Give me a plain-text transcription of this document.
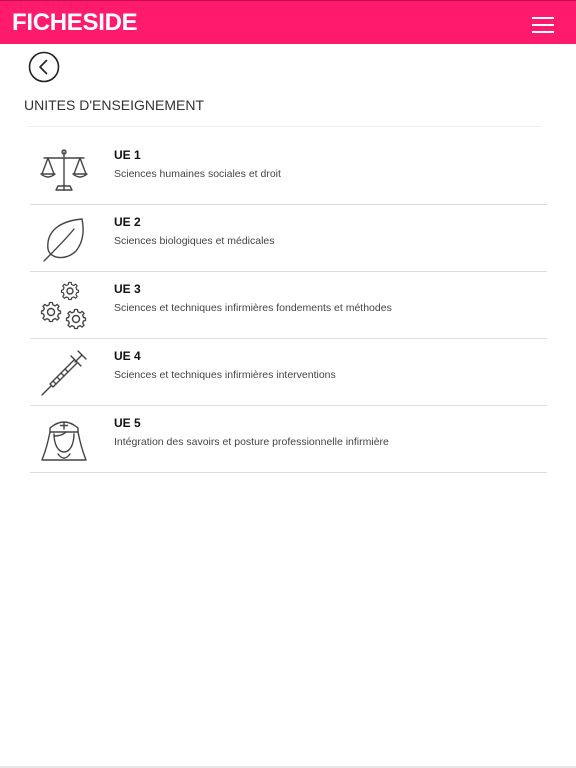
FICHESIDE
UNITES D'ENSEIGNEMENT
UE 1
Sciences humaines sociales et droit
UE 2
Sciences biologiques et médicales
UE 3
Sciences et techniques infirmières fondements et méthodes
UE 4
Sciences et techniques infirmières interventions
UE 5
Intégration des savoirs et posture professionnelle infirmière
